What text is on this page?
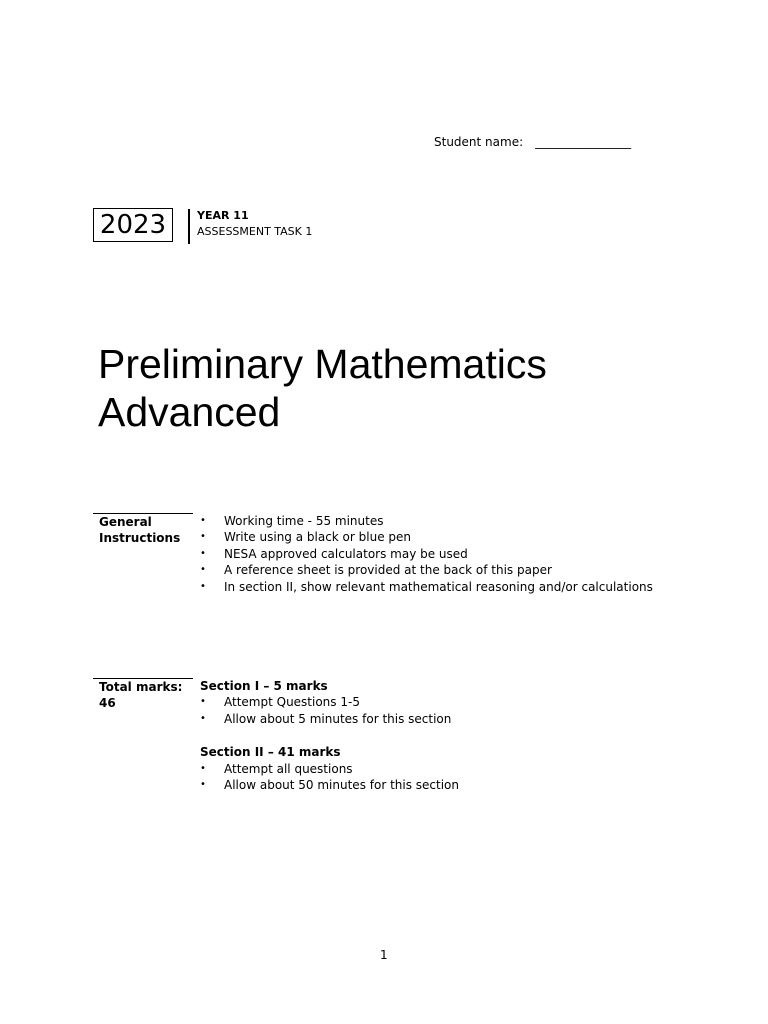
Student name: ________________
2023	YEAR 11
ASSESSMENT TASK 1
Preliminary Mathematics
Advanced
General
Instructions
• Working time - 55 minutes
• Write using a black or blue pen
• NESA approved calculators may be used
• A reference sheet is provided at the back of this paper
• In section II, show relevant mathematical reasoning and/or calculations
Total marks:
46
Section I – 5 marks
• Attempt Questions 1-5
• Allow about 5 minutes for this section
Section II – 41 marks
• Attempt all questions
• Allow about 50 minutes for this section
1
